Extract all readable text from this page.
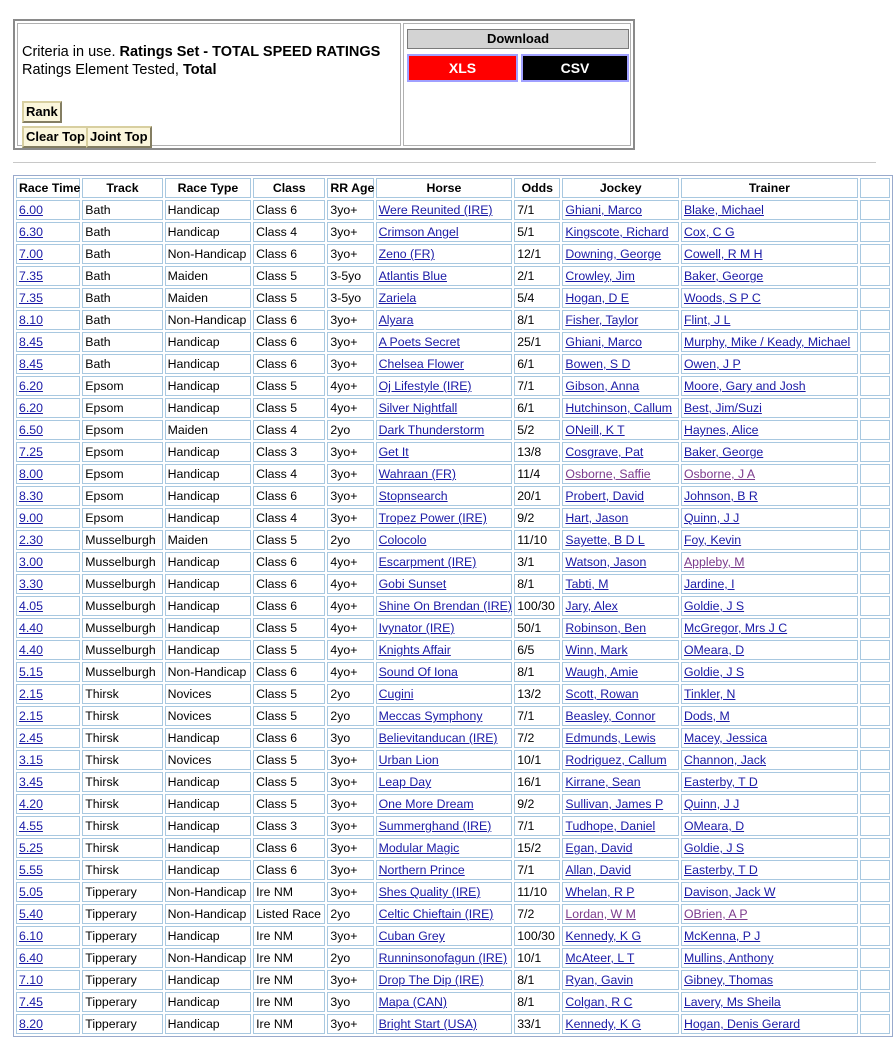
Criteria in use. Ratings Set - TOTAL SPEED RATINGS
Ratings Element Tested, Total
Rank
Clear Top Joint Top
Download
XLS	CSV
Race Time	Track	Race Type	Class	RR Age	Horse	Odds	Jockey	Trainer	
6.00	Bath	Handicap	Class 6	3yo+	Were Reunited (IRE)	7/1	Ghiani, Marco	Blake, Michael	
6.30	Bath	Handicap	Class 4	3yo+	Crimson Angel	5/1	Kingscote, Richard	Cox, C G	
7.00	Bath	Non-Handicap	Class 6	3yo+	Zeno (FR)	12/1	Downing, George	Cowell, R M H	
7.35	Bath	Maiden	Class 5	3-5yo	Atlantis Blue	2/1	Crowley, Jim	Baker, George	
7.35	Bath	Maiden	Class 5	3-5yo	Zariela	5/4	Hogan, D E	Woods, S P C	
8.10	Bath	Non-Handicap	Class 6	3yo+	Alyara	8/1	Fisher, Taylor	Flint, J L	
8.45	Bath	Handicap	Class 6	3yo+	A Poets Secret	25/1	Ghiani, Marco	Murphy, Mike / Keady, Michael	
8.45	Bath	Handicap	Class 6	3yo+	Chelsea Flower	6/1	Bowen, S D	Owen, J P	
6.20	Epsom	Handicap	Class 5	4yo+	Oj Lifestyle (IRE)	7/1	Gibson, Anna	Moore, Gary and Josh	
6.20	Epsom	Handicap	Class 5	4yo+	Silver Nightfall	6/1	Hutchinson, Callum	Best, Jim/Suzi	
6.50	Epsom	Maiden	Class 4	2yo	Dark Thunderstorm	5/2	ONeill, K T	Haynes, Alice	
7.25	Epsom	Handicap	Class 3	3yo+	Get It	13/8	Cosgrave, Pat	Baker, George	
8.00	Epsom	Handicap	Class 4	3yo+	Wahraan (FR)	11/4	Osborne, Saffie	Osborne, J A	
8.30	Epsom	Handicap	Class 6	3yo+	Stopnsearch	20/1	Probert, David	Johnson, B R	
9.00	Epsom	Handicap	Class 4	3yo+	Tropez Power (IRE)	9/2	Hart, Jason	Quinn, J J	
2.30	Musselburgh	Maiden	Class 5	2yo	Colocolo	11/10	Sayette, B D L	Foy, Kevin	
3.00	Musselburgh	Handicap	Class 6	4yo+	Escarpment (IRE)	3/1	Watson, Jason	Appleby, M	
3.30	Musselburgh	Handicap	Class 6	4yo+	Gobi Sunset	8/1	Tabti, M	Jardine, I	
4.05	Musselburgh	Handicap	Class 6	4yo+	Shine On Brendan (IRE)	100/30	Jary, Alex	Goldie, J S	
4.40	Musselburgh	Handicap	Class 5	4yo+	Ivynator (IRE)	50/1	Robinson, Ben	McGregor, Mrs J C	
4.40	Musselburgh	Handicap	Class 5	4yo+	Knights Affair	6/5	Winn, Mark	OMeara, D	
5.15	Musselburgh	Non-Handicap	Class 6	4yo+	Sound Of Iona	8/1	Waugh, Amie	Goldie, J S	
2.15	Thirsk	Novices	Class 5	2yo	Cugini	13/2	Scott, Rowan	Tinkler, N	
2.15	Thirsk	Novices	Class 5	2yo	Meccas Symphony	7/1	Beasley, Connor	Dods, M	
2.45	Thirsk	Handicap	Class 6	3yo	Believitanducan (IRE)	7/2	Edmunds, Lewis	Macey, Jessica	
3.15	Thirsk	Novices	Class 5	3yo+	Urban Lion	10/1	Rodriguez, Callum	Channon, Jack	
3.45	Thirsk	Handicap	Class 5	3yo+	Leap Day	16/1	Kirrane, Sean	Easterby, T D	
4.20	Thirsk	Handicap	Class 5	3yo+	One More Dream	9/2	Sullivan, James P	Quinn, J J	
4.55	Thirsk	Handicap	Class 3	3yo+	Summerghand (IRE)	7/1	Tudhope, Daniel	OMeara, D	
5.25	Thirsk	Handicap	Class 6	3yo+	Modular Magic	15/2	Egan, David	Goldie, J S	
5.55	Thirsk	Handicap	Class 6	3yo+	Northern Prince	7/1	Allan, David	Easterby, T D	
5.05	Tipperary	Non-Handicap	Ire NM	3yo+	Shes Quality (IRE)	11/10	Whelan, R P	Davison, Jack W	
5.40	Tipperary	Non-Handicap	Listed Race	2yo	Celtic Chieftain (IRE)	7/2	Lordan, W M	OBrien, A P	
6.10	Tipperary	Handicap	Ire NM	3yo+	Cuban Grey	100/30	Kennedy, K G	McKenna, P J	
6.40	Tipperary	Non-Handicap	Ire NM	2yo	Runninsonofagun (IRE)	10/1	McAteer, L T	Mullins, Anthony	
7.10	Tipperary	Handicap	Ire NM	3yo+	Drop The Dip (IRE)	8/1	Ryan, Gavin	Gibney, Thomas	
7.45	Tipperary	Handicap	Ire NM	3yo	Mapa (CAN)	8/1	Colgan, R C	Lavery, Ms Sheila	
8.20	Tipperary	Handicap	Ire NM	3yo+	Bright Start (USA)	33/1	Kennedy, K G	Hogan, Denis Gerard	
